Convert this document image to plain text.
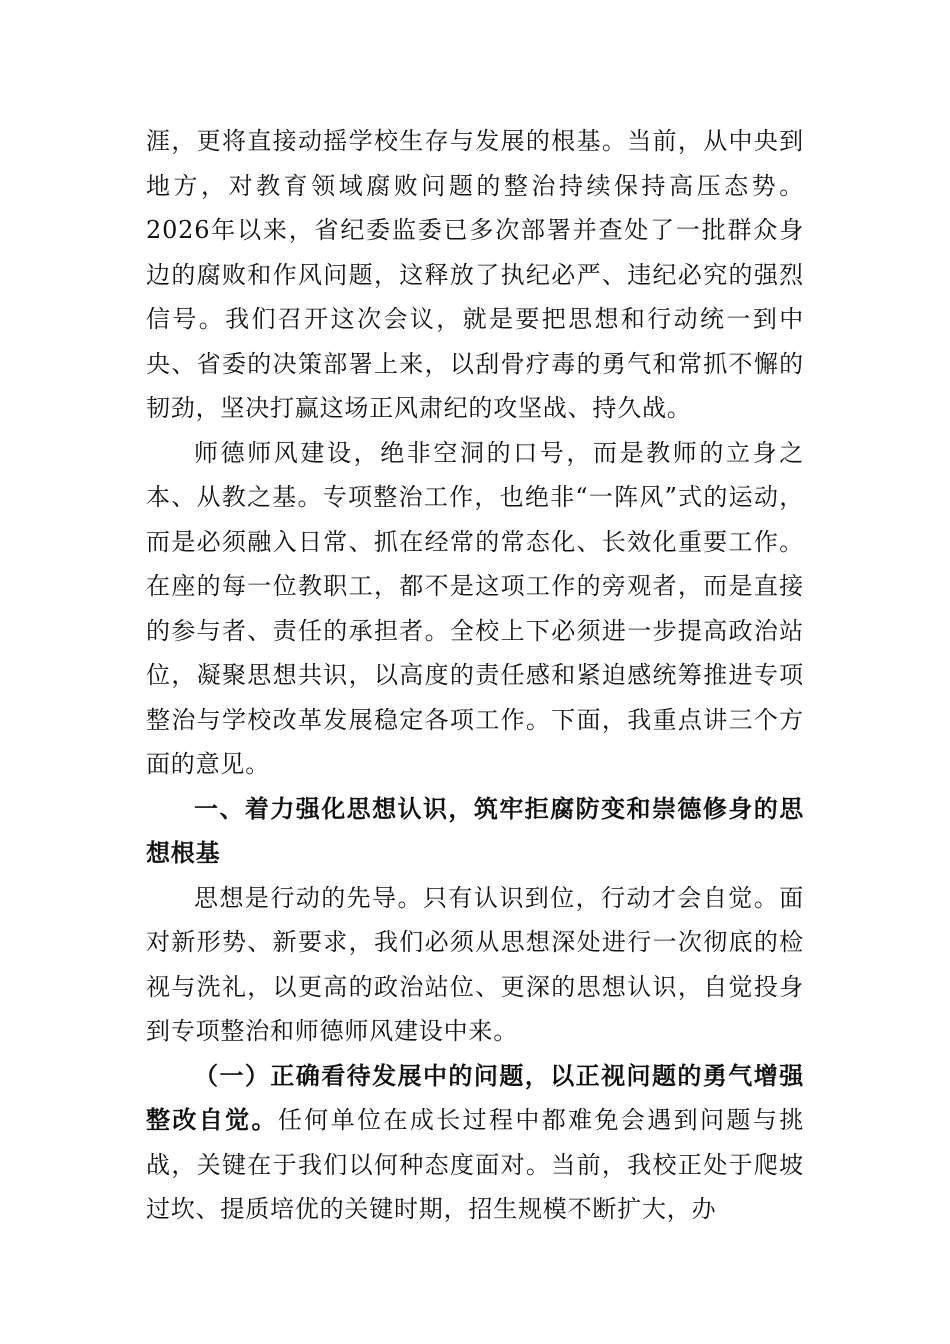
涯，更将直接动摇学校生存与发展的根基。当前，从中央到地方，对教育领域腐败问题的整治持续保持高压态势。2026年以来，省纪委监委已多次部署并查处了一批群众身边的腐败和作风问题，这释放了执纪必严、违纪必究的强烈信号。我们召开这次会议，就是要把思想和行动统一到中央、省委的决策部署上来，以刮骨疗毒的勇气和常抓不懈的韧劲，坚决打赢这场正风肃纪的攻坚战、持久战。

师德师风建设，绝非空洞的口号，而是教师的立身之本、从教之基。专项整治工作，也绝非“一阵风”式的运动，而是必须融入日常、抓在经常的常态化、长效化重要工作。在座的每一位教职工，都不是这项工作的旁观者，而是直接的参与者、责任的承担者。全校上下必须进一步提高政治站位，凝聚思想共识，以高度的责任感和紧迫感统筹推进专项整治与学校改革发展稳定各项工作。下面，我重点讲三个方面的意见。

一、着力强化思想认识，筑牢拒腐防变和崇德修身的思想根基

思想是行动的先导。只有认识到位，行动才会自觉。面对新形势、新要求，我们必须从思想深处进行一次彻底的检视与洗礼，以更高的政治站位、更深的思想认识，自觉投身到专项整治和师德师风建设中来。

（一）正确看待发展中的问题，以正视问题的勇气增强整改自觉。任何单位在成长过程中都难免会遇到问题与挑战，关键在于我们以何种态度面对。当前，我校正处于爬坡过坎、提质培优的关键时期，招生规模不断扩大，办
